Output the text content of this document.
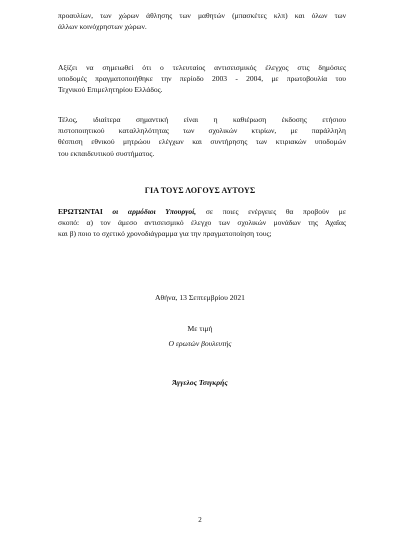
προαυλίων, των χώρων άθλησης των μαθητών (μπασκέτες κλπ) και όλων των
άλλων κοινόχρηστων χώρων.

Αξίζει να σημειωθεί ότι ο τελευταίος αντισεισμικός έλεγχος στις δημόσιες
υποδομές πραγματοποιήθηκε την περίοδο 2003 - 2004, με πρωτοβουλία του
Τεχνικού Επιμελητηρίου Ελλάδος.

Τέλος, ιδιαίτερα σημαντική είναι η καθιέρωση έκδοσης ετήσιου
πιστοποιητικού καταλληλότητας των σχολικών κτιρίων, με παράλληλη
θέσπιση εθνικού μητρώου ελέγχων και συντήρησης των κτιριακών υποδομών
του εκπαιδευτικού συστήματος.

ΓΙΑ ΤΟΥΣ ΛΟΓΟΥΣ ΑΥΤΟΥΣ

ΕΡΩΤΩΝΤΑΙ οι αρμόδιοι Υπουργοί, σε ποιες ενέργειες θα προβούν με
σκοπό: α) τον άμεσο αντισεισμικό έλεγχο των σχολικών μονάδων της Αχαΐας
και β) ποιο το σχετικό χρονοδιάγραμμα για την πραγματοποίηση τους;

Αθήνα, 13 Σεπτεμβρίου 2021
Με τιμή
Ο ερωτών βουλευτής
Άγγελος Τσιγκρής
2
